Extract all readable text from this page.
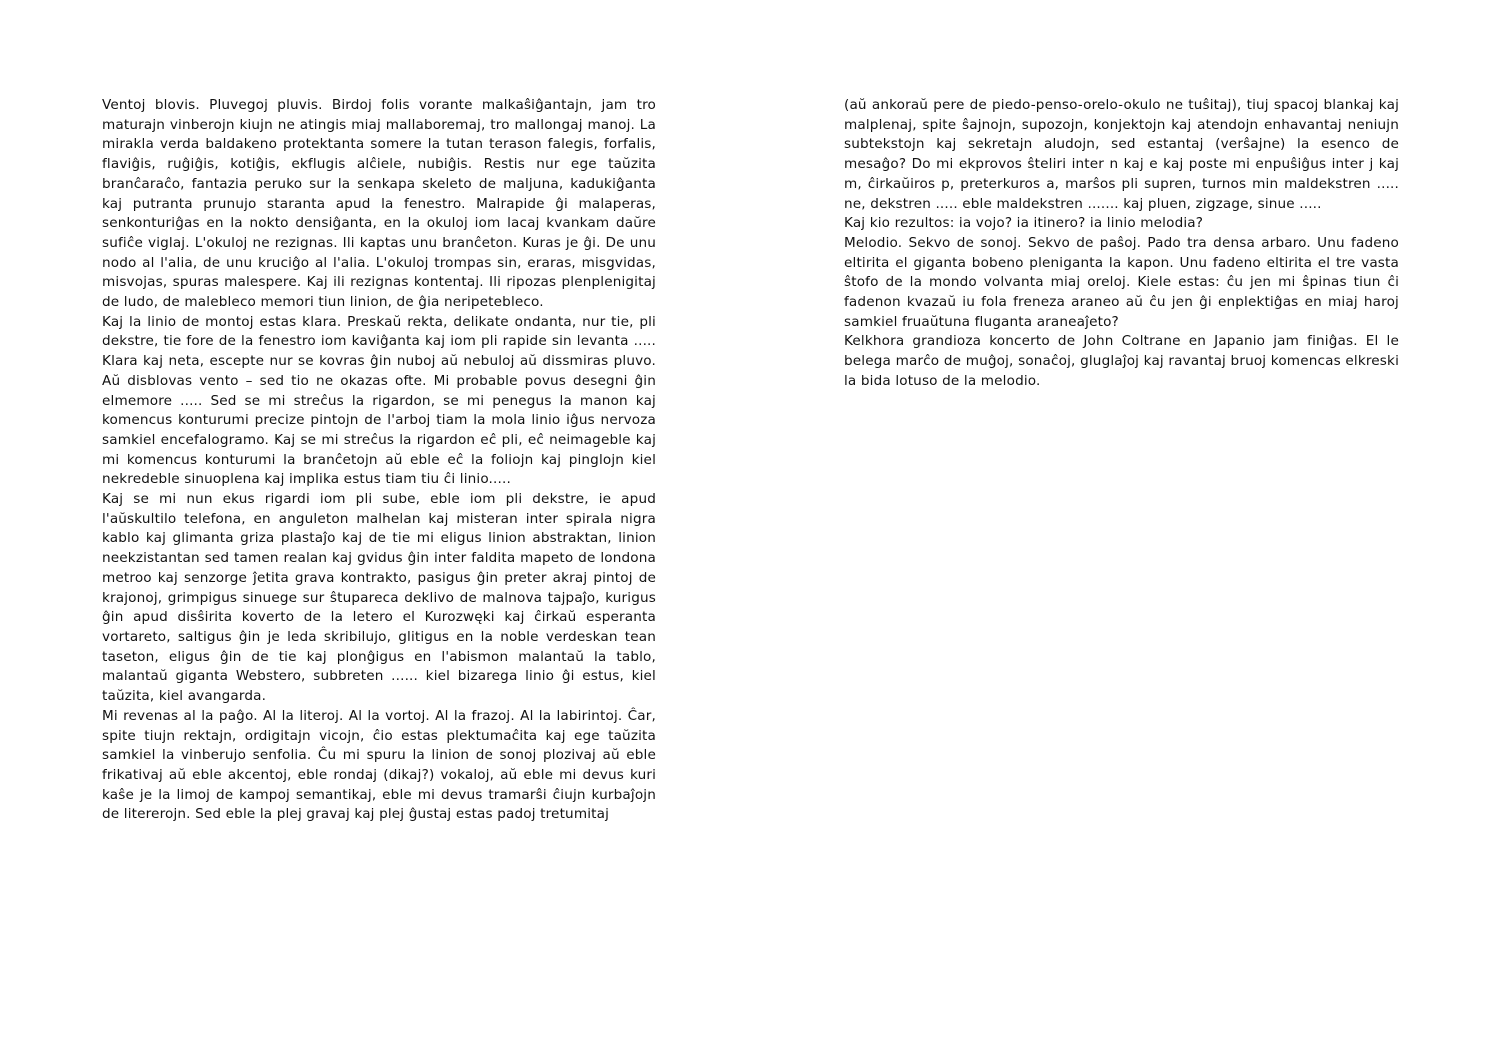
Ventoj blovis. Pluvegoj pluvis. Birdoj folis vorante malkaŝiĝantajn, jam tro maturajn vinberojn kiujn ne atingis miaj mallaboremaj, tro mallongaj manoj. La mirakla verda baldakeno protektanta somere la tutan terason falegis, forfalis, flaviĝis, ruĝiĝis, kotiĝis, ekflugis alĉiele, nubiĝis. Restis nur ege taŭzita branĉaraĉo, fantazia peruko sur la senkapa skeleto de maljuna, kadukiĝanta kaj putranta prunujo staranta apud la fenestro. Malrapide ĝi malaperas, senkonturiĝas en la nokto densiĝanta, en la okuloj iom lacaj kvankam daŭre sufiĉe viglaj. L'okuloj ne rezignas. Ili kaptas unu branĉeton. Kuras je ĝi. De unu nodo al l'alia, de unu kruciĝo al l'alia. L'okuloj trompas sin, eraras, misgvidas, misvojas, spuras malespere. Kaj ili rezignas kontentaj. Ili ripozas plenplenigitaj de ludo, de malebleco memori tiun linion, de ĝia neripetebleco.

Kaj la linio de montoj estas klara. Preskaŭ rekta, delikate ondanta, nur tie, pli dekstre, tie fore de la fenestro iom kaviĝanta kaj iom pli rapide sin levanta ..... Klara kaj neta, escepte nur se kovras ĝin nuboj aŭ nebuloj aŭ dissmiras pluvo. Aŭ disblovas vento – sed tio ne okazas ofte. Mi probable povus desegni ĝin elmemore ..... Sed se mi streĉus la rigardon, se mi penegus la manon kaj komencus konturumi precize pintojn de l'arboj tiam la mola linio iĝus nervoza samkiel encefalogramo. Kaj se mi streĉus la rigardon eĉ pli, eĉ neimageble kaj mi komencus konturumi la branĉetojn aŭ eble eĉ la foliojn kaj pinglojn kiel nekredeble sinuoplena kaj implika estus tiam tiu ĉi linio.....

Kaj se mi nun ekus rigardi iom pli sube, eble iom pli dekstre, ie apud l'aŭskultilo telefona, en anguleton malhelan kaj misteran inter spirala nigra kablo kaj glimanta griza plastaĵo kaj de tie mi eligus linion abstraktan, linion neekzistantan sed tamen realan kaj gvidus ĝin inter faldita mapeto de londona metroo kaj senzorge ĵetita grava kontrakto, pasigus ĝin preter akraj pintoj de krajonoj, grimpigus sinuege sur ŝtupareca deklivo de malnova tajpaĵo, kurigus ĝin apud disŝirita koverto de la letero el Kurozwęki kaj ĉirkaŭ esperanta vortareto, saltigus ĝin je leda skribilujo, glitigus en la noble verdeskan tean taseton, eligus ĝin de tie kaj plonĝigus en l'abismon malantaŭ la tablo, malantaŭ giganta Webstero, subbreten ...... kiel bizarega linio ĝi estus, kiel taŭzita, kiel avangarda.

Mi revenas al la paĝo. Al la literoj. Al la vortoj. Al la frazoj. Al la labirintoj. Ĉar, spite tiujn rektajn, ordigitajn vicojn, ĉio estas plektumaĉita kaj ege taŭzita samkiel la vinberujo senfolia. Ĉu mi spuru la linion de sonoj plozivaj aŭ eble frikativaj aŭ eble akcentoj, eble rondaj (dikaj?) vokaloj, aŭ eble mi devus kuri kaŝe je la limoj de kampoj semantikaj, eble mi devus tramarŝi ĉiujn kurbaĵojn de litererojn. Sed eble la plej gravaj kaj plej ĝustaj estas padoj tretumitaj

(aŭ ankoraŭ pere de piedo-penso-orelo-okulo ne tuŝitaj), tiuj spacoj blankaj kaj malplenaj, spite ŝajnojn, supozojn, konjektojn kaj atendojn enhavantaj neniujn subtekstojn kaj sekretajn aludojn, sed estantaj (verŝajne) la esenco de mesaĝo? Do mi ekprovos ŝteliri inter n kaj e kaj poste mi enpuŝiĝus inter j kaj m, ĉirkaŭiros p, preterkuros a, marŝos pli supren, turnos min maldekstren ..... ne, dekstren ..... eble maldekstren ....... kaj pluen, zigzage, sinue .....

Kaj kio rezultos: ia vojo? ia itinero? ia linio melodia?

Melodio. Sekvo de sonoj. Sekvo de paŝoj. Pado tra densa arbaro. Unu fadeno eltirita el giganta bobeno pleniganta la kapon. Unu fadeno eltirita el tre vasta ŝtofo de la mondo volvanta miaj oreloj. Kiele estas: ĉu jen mi ŝpinas tiun ĉi fadenon kvazaŭ iu fola freneza araneo aŭ ĉu jen ĝi enplektiĝas en miaj haroj samkiel fruaŭtuna fluganta araneaĵeto?

Kelkhora grandioza koncerto de John Coltrane en Japanio jam finiĝas. El le belega marĉo de muĝoj, sonaĉoj, gluglaĵoj kaj ravantaj bruoj komencas elkreski la bida lotuso de la melodio.
